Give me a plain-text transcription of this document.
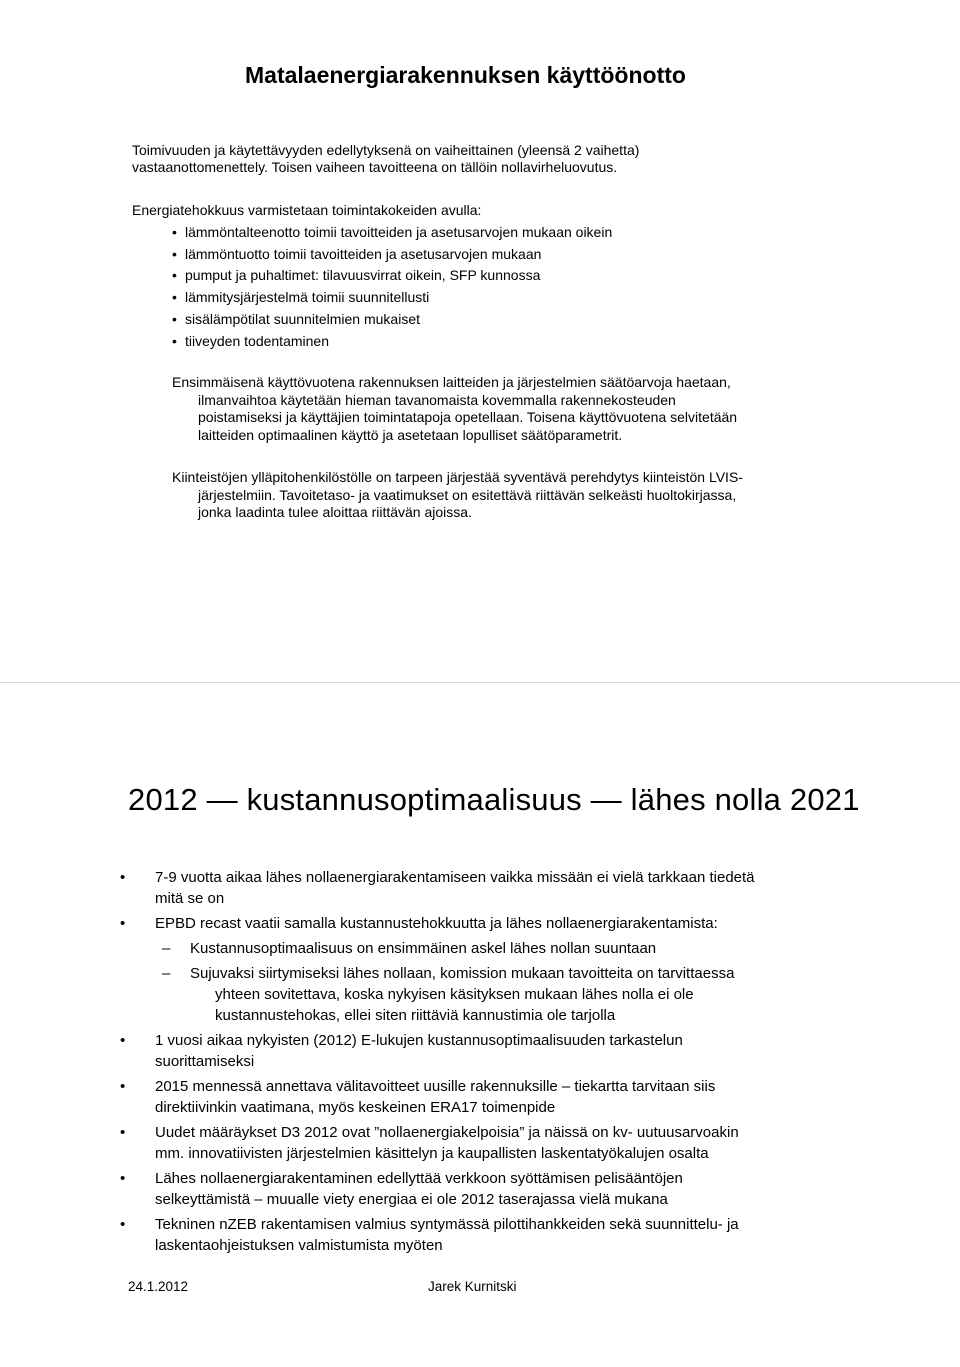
Matalaenergiarakennuksen käyttöönotto
Toimivuuden ja käytettävyyden edellytyksenä on vaiheittainen (yleensä 2 vaihetta)
vastaanottomenettely. Toisen vaiheen tavoitteena on tällöin nollavirheluovutus.
Energiatehokkuus varmistetaan toimintakokeiden avulla:
• lämmöntalteenotto toimii tavoitteiden ja asetusarvojen mukaan oikein
• lämmöntuotto toimii tavoitteiden ja asetusarvojen mukaan
• pumput ja puhaltimet: tilavuusvirrat oikein, SFP kunnossa
• lämmitysjärjestelmä toimii suunnitellusti
• sisälämpötilat suunnitelmien mukaiset
• tiiveyden todentaminen
Ensimmäisenä käyttövuotena rakennuksen laitteiden ja järjestelmien säätöarvoja haetaan,
ilmanvaihtoa käytetään hieman tavanomaista kovemmalla rakennekosteuden
poistamiseksi ja käyttäjien toimintatapoja opetellaan. Toisena käyttövuotena selvitetään
laitteiden optimaalinen käyttö ja asetetaan lopulliset säätöparametrit.
Kiinteistöjen ylläpitohenkilöstölle on tarpeen järjestää syventävä perehdytys kiinteistön LVIS-
järjestelmiin. Tavoitetaso- ja vaatimukset on esitettävä riittävän selkeästi huoltokirjassa,
jonka laadinta tulee aloittaa riittävän ajoissa.
2012 — kustannusoptimaalisuus — lähes nolla 2021
• 7-9 vuotta aikaa lähes nollaenergiarakentamiseen vaikka missään ei vielä tarkkaan tiedetä
mitä se on
• EPBD recast vaatii samalla kustannustehokkuutta ja lähes nollaenergiarakentamista:
– Kustannusoptimaalisuus on ensimmäinen askel lähes nollan suuntaan
– Sujuvaksi siirtymiseksi lähes nollaan, komission mukaan tavoitteita on tarvittaessa
yhteen sovitettava, koska nykyisen käsityksen mukaan lähes nolla ei ole
kustannustehokas, ellei siten riittäviä kannustimia ole tarjolla
• 1 vuosi aikaa nykyisten (2012) E-lukujen kustannusoptimaalisuuden tarkastelun
suorittamiseksi
• 2015 mennessä annettava välitavoitteet uusille rakennuksille – tiekartta tarvitaan siis
direktiivinkin vaatimana, myös keskeinen ERA17 toimenpide
• Uudet määräykset D3 2012 ovat ”nollaenergiakelpoisia” ja näissä on kv- uutuusarvoakin
mm. innovatiivisten järjestelmien käsittelyn ja kaupallisten laskentatyökalujen osalta
• Lähes nollaenergiarakentaminen edellyttää verkkoon syöttämisen pelisääntöjen
selkeyttämistä – muualle viety energiaa ei ole 2012 taserajassa vielä mukana
• Tekninen nZEB rakentamisen valmius syntymässä pilottihankkeiden sekä suunnittelu- ja
laskentaohjeistuksen valmistumista myöten
24.1.2012	Jarek Kurnitski
